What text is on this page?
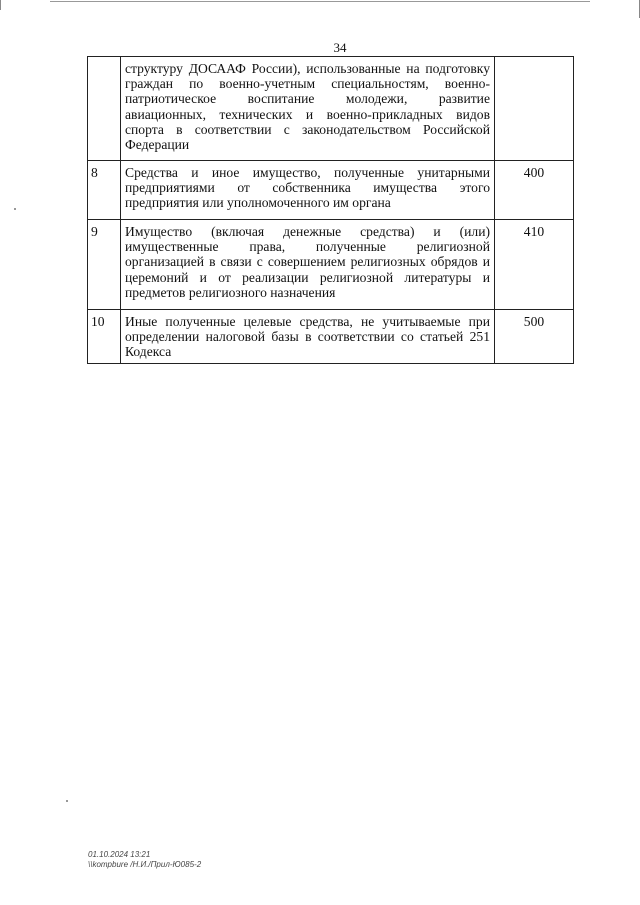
34
	структуру ДОСААФ России), использованные на подготовку граждан по военно-учетным специальностям, военно-патриотическое воспитание молодежи, развитие авиационных, технических и военно-прикладных видов спорта в соответствии с законодательством Российской Федерации	
8	Средства и иное имущество, полученные унитарными предприятиями от собственника имущества этого предприятия или уполномоченного им органа	400
9	Имущество (включая денежные средства) и (или) имущественные права, полученные религиозной организацией в связи с совершением религиозных обрядов и церемоний и от реализации религиозной литературы и предметов религиозного назначения	410
10	Иные полученные целевые средства, не учитываемые при определении налоговой базы в соответствии со статьей 251 Кодекса	500
01.10.2024 13:21
\\kompbure /Н.И./Прил-Ю085-2
